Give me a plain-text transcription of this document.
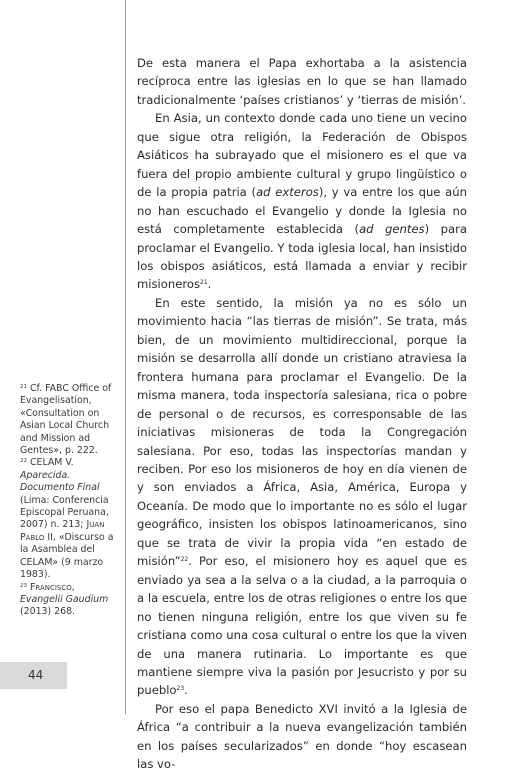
De esta manera el Papa exhortaba a la asistencia recíproca entre las iglesias en lo que se han llamado tradicionalmente ‘países cristianos’ y ‘tierras de misión’.

En Asia, un contexto donde cada uno tiene un vecino que sigue otra religión, la Federación de Obispos Asiáticos ha subrayado que el misionero es el que va fuera del propio ambiente cultural y grupo lingüístico o de la propia patria (ad exteros), y va entre los que aún no han escuchado el Evangelio y donde la Iglesia no está completamente establecida (ad gentes) para proclamar el Evangelio. Y toda iglesia local, han insistido los obispos asiáticos, está llamada a enviar y recibir misioneros$^{21}$.

En este sentido, la misión ya no es sólo un movimiento hacia “las tierras de misión”. Se trata, más bien, de un movimiento multidireccional, porque la misión se desarrolla allí donde un cristiano atraviesa la frontera humana para proclamar el Evangelio. De la misma manera, toda inspectoría salesiana, rica o pobre de personal o de recursos, es corresponsable de las iniciativas misioneras de toda la Congregación salesiana. Por eso, todas las inspectorías mandan y reciben. Por eso los misioneros de hoy en día vienen de y son enviados a África, Asia, América, Europa y Oceanía. De modo que lo importante no es sólo el lugar geográfico, insisten los obispos latinoamericanos, sino que se trata de vivir la propia vida “en estado de misión”$^{22}$. Por eso, el misionero hoy es aquel que es enviado ya sea a la selva o a la ciudad, a la parroquia o a la escuela, entre los de otras religiones o entre los que no tienen ninguna religión, entre los que viven su fe cristiana como una cosa cultural o entre los que la viven de una manera rutinaria. Lo importante es que mantiene siempre viva la pasión por Jesucristo y por su pueblo$^{23}$.

Por eso el papa Benedicto XVI invitó a la Iglesia de África “a contribuir a la nueva evangelización también en los países secularizados” en donde “hoy escasean las vo-

$^{21}$ Cf. FABC Office of Evangelisation, «Consultation on Asian Local Church and Mission ad Gentes», p. 222.

$^{22}$ CELAM V. Aparecida. Documento Final (Lima: Conferencia Episcopal Peruana, 2007) n. 213; Juan Pablo II, «Discurso a la Asamblea del CELAM» (9 marzo 1983).

$^{23}$ Francisco, Evangelii Gaudium (2013) 268.

44
